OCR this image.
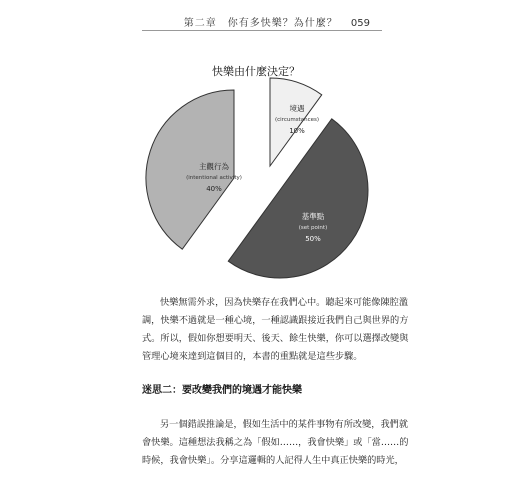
第二章　你有多快樂？為什麼？ 059
快樂由什麼決定？
境遇
(circumstances)
10%
基準點
(set point)
50%
主觀行為
(intentional activity)
40%
快樂無需外求，因為快樂存在我們心中。聽起來可能像陳腔濫
調，快樂不過就是一種心境，一種認識跟接近我們自己與世界的方
式。所以，假如你想要明天、後天、餘生快樂，你可以選擇改變與
管理心境來達到這個目的，本書的重點就是這些步驟。
迷思二：要改變我們的境遇才能快樂
另一個錯誤推論是，假如生活中的某件事物有所改變，我們就
會快樂。這種想法我稱之為「假如……，我會快樂」或「當……的
時候，我會快樂」。分享這邏輯的人記得人生中真正快樂的時光，
